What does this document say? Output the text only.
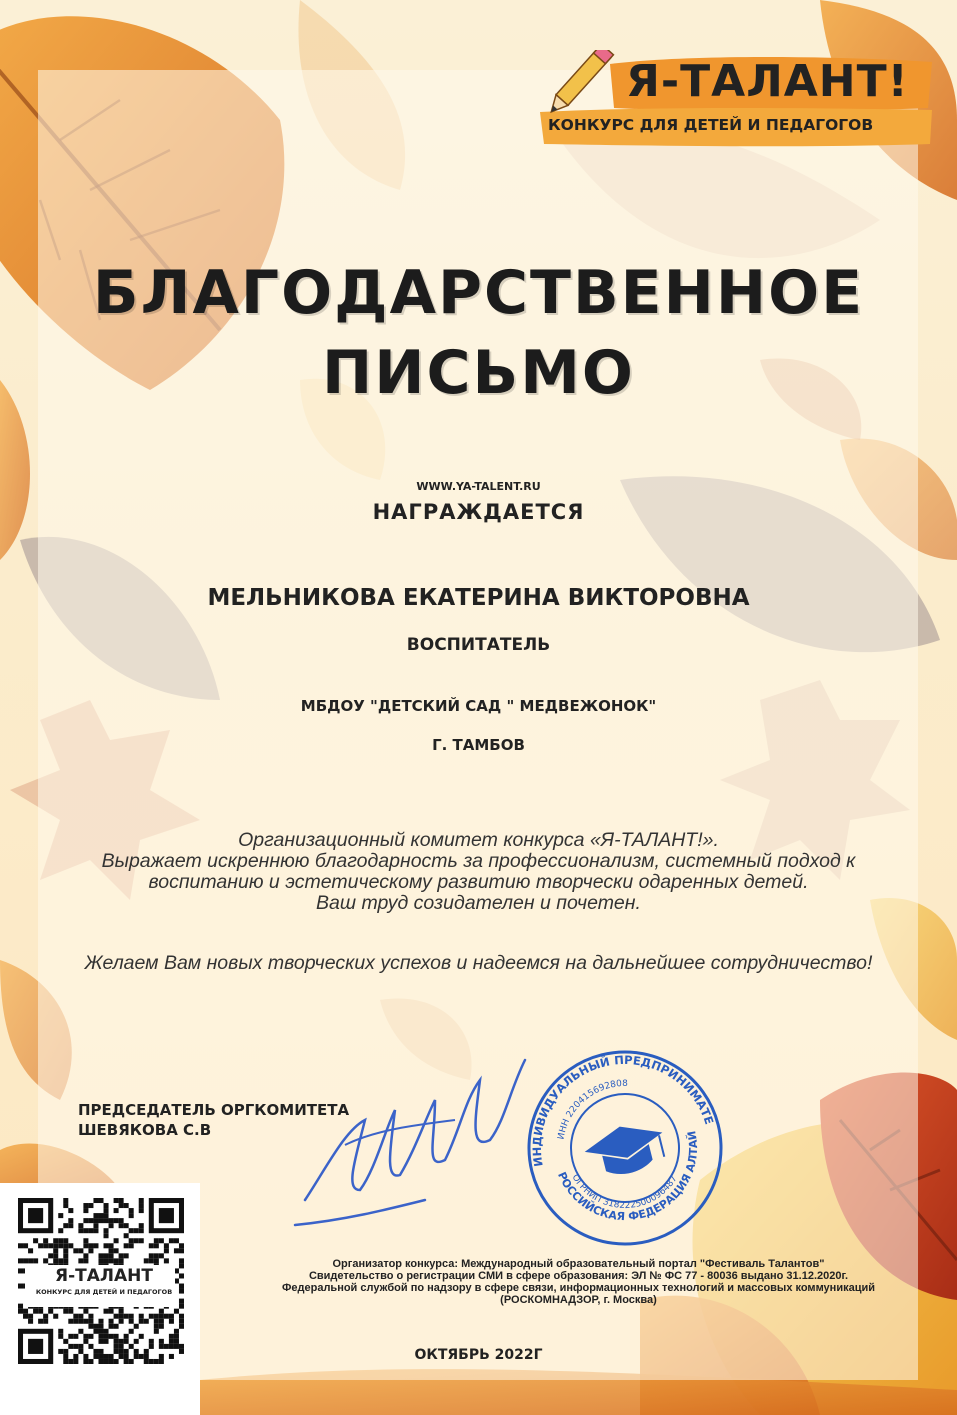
Я-ТАЛАНТ!
КОНКУРС ДЛЯ ДЕТЕЙ И ПЕДАГОГОВ
БЛАГОДАРСТВЕННОЕ
ПИСЬМО
WWW.YA-TALENT.RU
НАГРАЖДАЕТСЯ
МЕЛЬНИКОВА ЕКАТЕРИНА ВИКТОРОВНА
ВОСПИТАТЕЛЬ
МБДОУ "ДЕТСКИЙ САД " МЕДВЕЖОНОК"
Г. ТАМБОВ
Организационный комитет конкурса «Я-ТАЛАНТ!».
Выражает искреннюю благодарность за профессионализм, системный подход к
воспитанию и эстетическому развитию творчески одаренных детей.
Ваш труд созидателен и почетен.
Желаем Вам новых творческих успехов и надеемся на дальнейшее сотрудничество!
ПРЕДСЕДАТЕЛЬ ОРГКОМИТЕТА
ШЕВЯКОВА С.В
ИНДИВИДУАЛЬНЫЙ ПРЕДПРИНИМАТЕЛЬ
РОССИЙСКАЯ ФЕДЕРАЦИЯ АЛТАЙСКИЙ
ИНН 220415692808
ОГРНИП 318222500096487
Я-ТАЛАНТ
КОНКУРС ДЛЯ ДЕТЕЙ И ПЕДАГОГОВ
Организатор конкурса: Международный образовательный портал "Фестиваль Талантов"
Свидетельство о регистрации СМИ в сфере образования: ЭЛ № ФС 77 - 80036 выдано 31.12.2020г.
Федеральной службой по надзору в сфере связи, информационных технологий и массовых коммуникаций
(РОСКОМНАДЗОР, г. Москва)
ОКТЯБРЬ 2022Г
